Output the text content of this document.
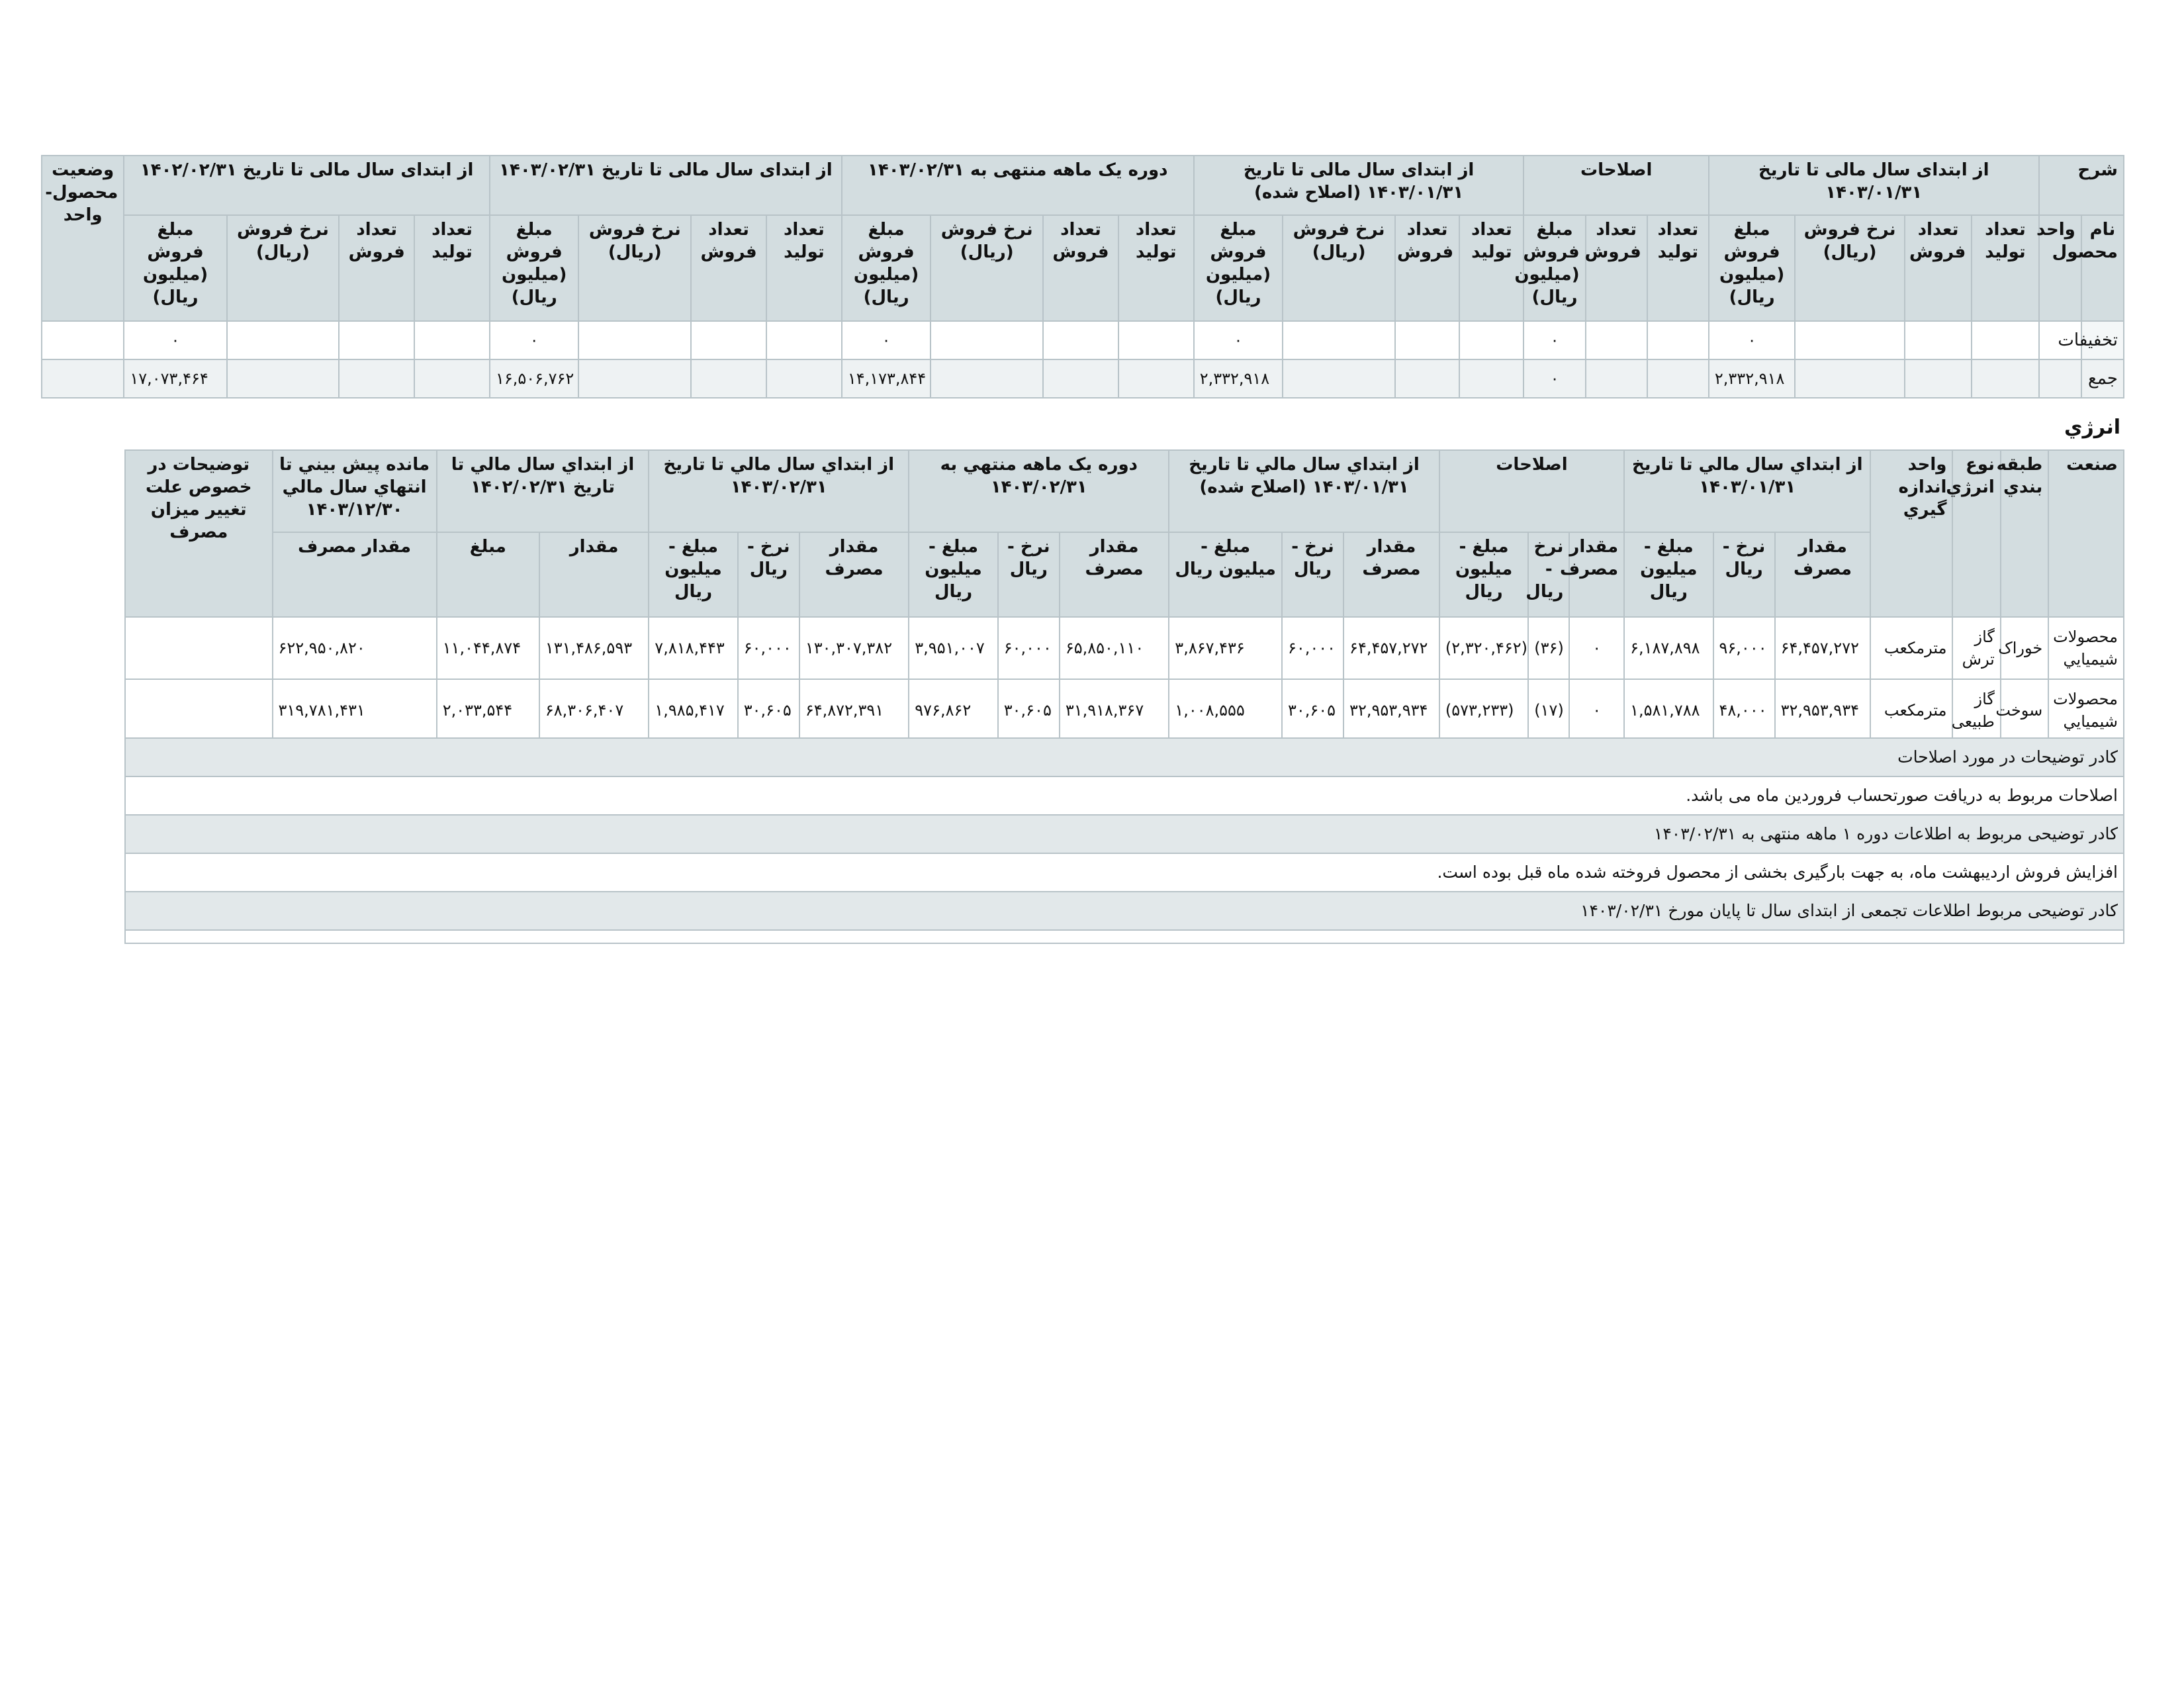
شرح		از ابتدای سال مالی تا تاریخ ۱۴۰۳/۰۱/۳۱				اصلاحات			از ابتدای سال مالی تا تاریخ ۱۴۰۳/۰۱/۳۱ (اصلاح شده)				دوره یک ماهه منتهی به ۱۴۰۳/۰۲/۳۱				از ابتدای سال مالی تا تاریخ ۱۴۰۳/۰۲/۳۱				از ابتدای سال مالی تا تاریخ ۱۴۰۲/۰۲/۳۱				وضعیت محصول- واحد
نام محصول	واحد	تعداد تولید	تعداد فروش	نرخ فروش (ریال)	مبلغ فروش (میلیون ریال)	تعداد تولید	تعداد فروش	مبلغ فروش (میلیون ریال)	تعداد تولید	تعداد فروش	نرخ فروش (ریال)	مبلغ فروش (میلیون ریال)	تعداد تولید	تعداد فروش	نرخ فروش (ریال)	مبلغ فروش (میلیون ریال)	تعداد تولید	تعداد فروش	نرخ فروش (ریال)	مبلغ فروش (میلیون ریال)	تعداد تولید	تعداد فروش	نرخ فروش (ریال)	مبلغ فروش (میلیون ریال)	
تخفیفات					۰			۰				۰				۰				۰				۰	
جمع					۲,۳۳۲,۹۱۸			۰				۲,۳۳۲,۹۱۸				۱۴,۱۷۳,۸۴۴				۱۶,۵۰۶,۷۶۲				۱۷,۰۷۳,۴۶۴	
انرژي
صنعت	طبقه بندي	نوع انرژي	واحد اندازه گيري	از ابتداي سال مالي تا تاريخ ۱۴۰۳/۰۱/۳۱			اصلاحات			از ابتداي سال مالي تا تاريخ ۱۴۰۳/۰۱/۳۱ (اصلاح شده)			دوره يک ماهه منتهي به ۱۴۰۳/۰۲/۳۱			از ابتداي سال مالي تا تاريخ ۱۴۰۳/۰۲/۳۱			از ابتداي سال مالي تا تاريخ ۱۴۰۲/۰۲/۳۱		مانده پيش بيني تا انتهاي سال مالي ۱۴۰۳/۱۲/۳۰	توضيحات در خصوص علت تغيير ميزان مصرف
				مقدار مصرف	نرخ - ريال	مبلغ - ميليون ريال	مقدار مصرف	نرخ - ريال	مبلغ - ميليون ريال	مقدار مصرف	نرخ - ريال	مبلغ - ميليون ريال	مقدار مصرف	نرخ - ريال	مبلغ - ميليون ريال	مقدار مصرف	نرخ - ريال	مبلغ - ميليون ريال	مقدار	مبلغ	مقدار مصرف	
محصولات شيميايي	خوراک	گاز ترش	مترمکعب	۶۴,۴۵۷,۲۷۲	۹۶,۰۰۰	۶,۱۸۷,۸۹۸	۰	(۳۶)	(۲,۳۲۰,۴۶۲)	۶۴,۴۵۷,۲۷۲	۶۰,۰۰۰	۳,۸۶۷,۴۳۶	۶۵,۸۵۰,۱۱۰	۶۰,۰۰۰	۳,۹۵۱,۰۰۷	۱۳۰,۳۰۷,۳۸۲	۶۰,۰۰۰	۷,۸۱۸,۴۴۳	۱۳۱,۴۸۶,۵۹۳	۱۱,۰۴۴,۸۷۴	۶۲۲,۹۵۰,۸۲۰	
محصولات شيميايي	سوخت	گاز طبيعی	مترمکعب	۳۲,۹۵۳,۹۳۴	۴۸,۰۰۰	۱,۵۸۱,۷۸۸	۰	(۱۷)	(۵۷۳,۲۳۳)	۳۲,۹۵۳,۹۳۴	۳۰,۶۰۵	۱,۰۰۸,۵۵۵	۳۱,۹۱۸,۳۶۷	۳۰,۶۰۵	۹۷۶,۸۶۲	۶۴,۸۷۲,۳۹۱	۳۰,۶۰۵	۱,۹۸۵,۴۱۷	۶۸,۳۰۶,۴۰۷	۲,۰۳۳,۵۴۴	۳۱۹,۷۸۱,۴۳۱	
کادر توضیحات در مورد اصلاحات
اصلاحات مربوط به دریافت صورتحساب فروردین ماه می باشد.
کادر توضیحی مربوط به اطلاعات دوره ۱ ماهه منتهی به ۱۴۰۳/۰۲/۳۱
افزایش فروش اردیبهشت ماه، به جهت بارگیری بخشی از محصول فروخته شده ماه قبل بوده است.
کادر توضیحی مربوط اطلاعات تجمعی از ابتدای سال تا پایان مورخ ۱۴۰۳/۰۲/۳۱
